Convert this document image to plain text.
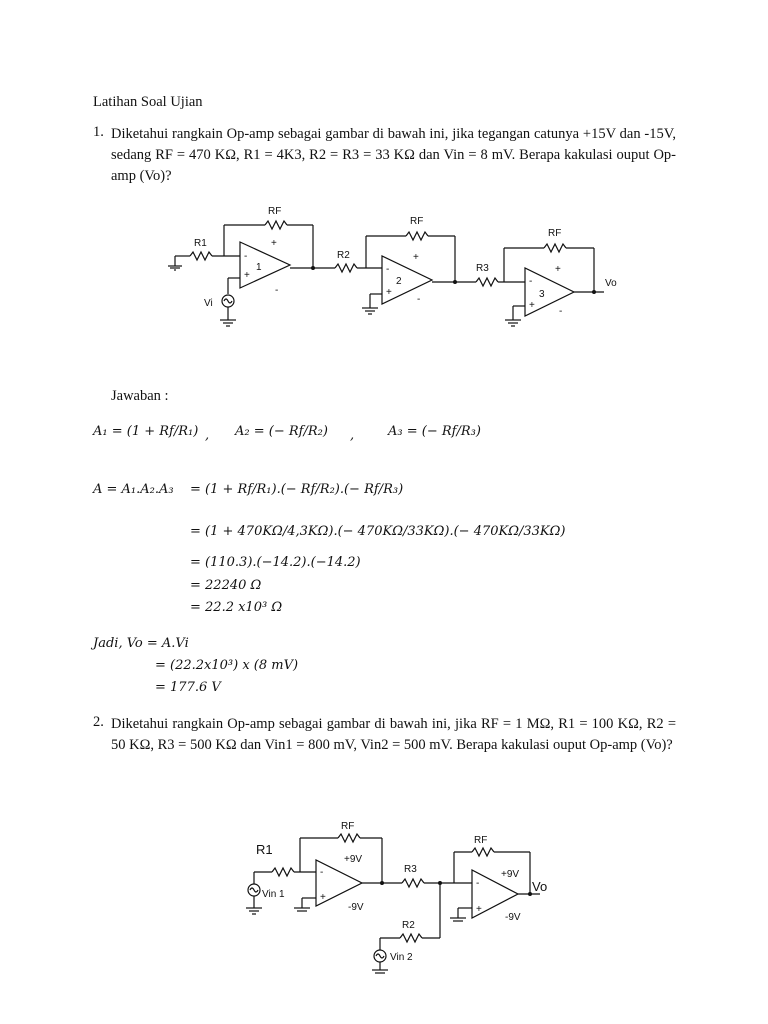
Latihan Soal Ujian
1. Diketahui rangkain Op-amp sebagai gambar di bawah ini, jika tegangan catunya +15V dan -15V, sedang RF = 470 KΩ, R1 = 4K3, R2 = R3 = 33 KΩ dan Vin = 8 mV. Berapa kakulasi ouput Op-amp (Vo)?
R1
-
+
1
+
-
RF
Vi
R2
-
+
2
+
-
RF
R3
-
+
3
+
-
RF
Vo
Jawaban :
A₁ = (1 + Rf/R₁) , A₂ = (− Rf/R₂) ,	A₃ = (− Rf/R₃)
A = A₁.A₂.A₃ = (1 + Rf/R₁).(− Rf/R₂).(− Rf/R₃)
= (1 + 470KΩ/4,3KΩ).(− 470KΩ/33KΩ).(− 470KΩ/33KΩ)
= (110.3).(−14.2).(−14.2)
= 22240 Ω
= 22.2 x10³ Ω
Jadi, Vo = A.Vi
= (22.2x10³) x (8 mV)
= 177.6 V
2. Diketahui rangkain Op-amp sebagai gambar di bawah ini, jika RF = 1 MΩ, R1 = 100 KΩ, R2 = 50 KΩ, R3 = 500 KΩ dan Vin1 = 800 mV, Vin2 = 500 mV. Berapa kakulasi ouput Op-amp (Vo)?
Vin 1
R1
-
+
+9V
-9V
RF
R3
-
+
+9V
-9V
RF
Vo
R2
Vin 2
